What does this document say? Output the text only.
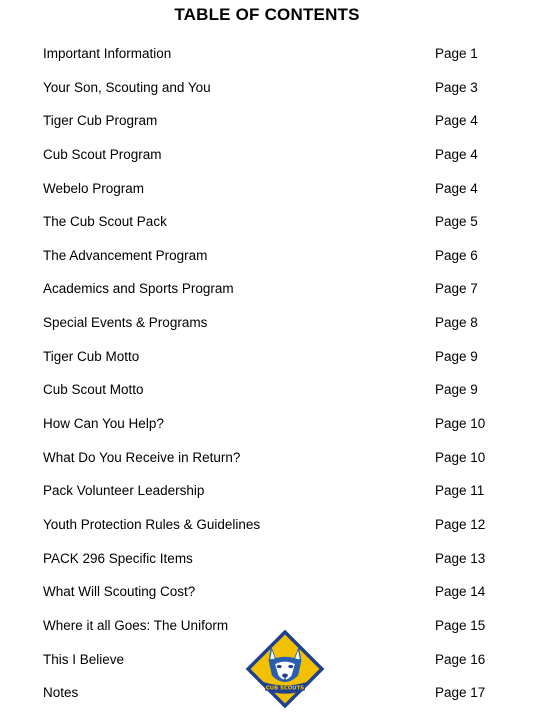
TABLE OF CONTENTS
Important Information	Page 1
Your Son, Scouting and You	Page 3
Tiger Cub Program	Page 4
Cub Scout Program	Page 4
Webelo Program	Page 4
The Cub Scout Pack	Page 5
The Advancement Program	Page 6
Academics and Sports Program	Page 7
Special Events & Programs	Page 8
Tiger Cub Motto	Page 9
Cub Scout Motto	Page 9
How Can You Help?	Page 10
What Do You Receive in Return?	Page 10
Pack Volunteer Leadership	Page 11
Youth Protection Rules & Guidelines	Page 12
PACK 296 Specific Items	Page 13
What Will Scouting Cost?	Page 14
Where it all Goes: The Uniform	Page 15
This I Believe	Page 16
Notes	Page 17
CUB SCOUTS
